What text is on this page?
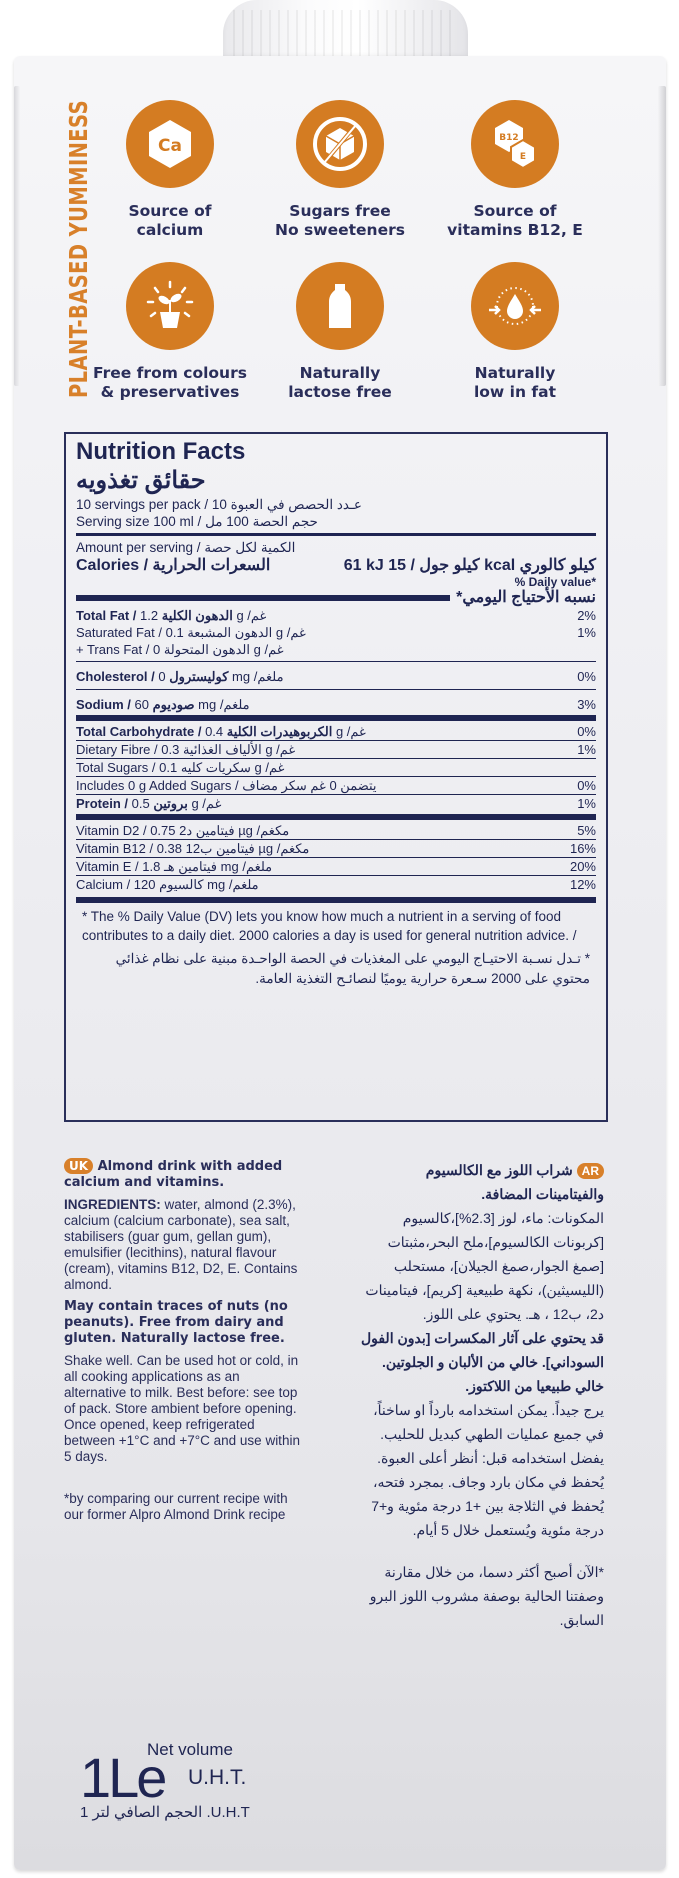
PLANT-BASED YUMMINESS	Ca
Source of
calcium
Sugars free
No sweeteners
B12
E
Source of
vitamins B12, E
Free from colours
& preservatives
Naturally
lactose free
Naturally
low in fat
Nutrition Facts
حقائق تغذويه
10 servings per pack / 10 عـدد الحصص في العبوة
Serving size 100 ml / حجم الحصة 100 مل
Amount per serving / الكمية لكل حصة
Calories / السعرات الحرارية	61 kJ كيلو جول / 15 kcal كيلو كالوري
% Daily value*
*نسبه الأحتياج اليومي
Total Fat / الدهون الكلية 1.2 g /غم	2%
Saturated Fat / الدهون المشبعة 0.1 g /غم	1%
+ Trans Fat / الدهون المتحولة 0 g /غم
Cholesterol / كوليسترول 0 mg /ملغم	0%
Sodium / صوديوم 60 mg /ملغم	3%
Total Carbohydrate / الكربوهيدرات الكلية 0.4 g /غم	0%
Dietary Fibre / الألياف الغذائية 0.3 g /غم	1%
Total Sugars / سكريات كليه 0.1 g /غم
Includes 0 g Added Sugars / يتضمن 0 غم سكر مضاف	0%
Protein / بروتين 0.5 g /غم	1%
Vitamin D2 / فيتامين د2 0.75 µg /مكغم	5%
Vitamin B12 / فيتامين ب12 0.38 µg /مكغم	16%
Vitamin E / فيتامين هـ 1.8 mg /ملغم	20%
Calcium / كالسيوم 120 mg /ملغم	12%
* The % Daily Value (DV) lets you know how much a nutrient in a serving of food contributes to a daily diet. 2000 calories a day is used for general nutrition advice. /
* تـدل نسـبة الاحتيـاج اليومي على المغذيات في الحصة الواحـدة مبنية على نظام غذائي محتوي على 2000 سـعرة حرارية يوميًا لنصائـح التغذية العامة.

UK Almond drink with added calcium and vitamins.

INGREDIENTS: water, almond (2.3%), calcium (calcium carbonate), sea salt, stabilisers (guar gum, gellan gum), emulsifier (lecithins), natural flavour (cream), vitamins B12, D2, E. Contains almond.

May contain traces of nuts (no peanuts). Free from dairy and gluten. Naturally lactose free.

Shake well. Can be used hot or cold, in all cooking applications as an alternative to milk. Best before: see top of pack. Store ambient before opening. Once opened, keep refrigerated between +1°C and +7°C and use within 5 days.

*by comparing our current recipe with our former Alpro Almond Drink recipe

AR شراب اللوز مع الكالسيوم والفيتامينات المضافة.
المكونات: ماء، لوز [2.3%]،كالسيوم [كربونات الكالسيوم]،ملح البحر،مثبتات [صمغ الجوار،صمغ الجيلان]، مستحلب (الليسيثين)، نكهة طبيعية [كريم]، فيتامينات د2، ب12 ، هـ. يحتوي على اللوز.
قد يحتوي على آثار المكسرات [بدون الفول السوداني]. خالي من الألبان و الجلوتين. خالي طبيعيا من اللاكتوز.
يرج جيداً. يمكن استخدامه بارداً او ساخناً، في جميع عمليات الطهي كبديل للحليب. يفضل استخدامه قبل: أنظر أعلى العبوة. يُحفظ في مكان بارد وجاف. بمجرد فتحه، يُحفظ في الثلاجة بين +1 درجة مئوية و+7 درجة مئوية ويُستعمل خلال 5 أيام.
*الآن أصبح أكثر دسما، من خلال مقارنة وصفتنا الحالية بوصفة مشروب اللوز البرو السابق.
Net volume
1Le U.H.T.
U.H.T. الحجم الصافي لتر 1
